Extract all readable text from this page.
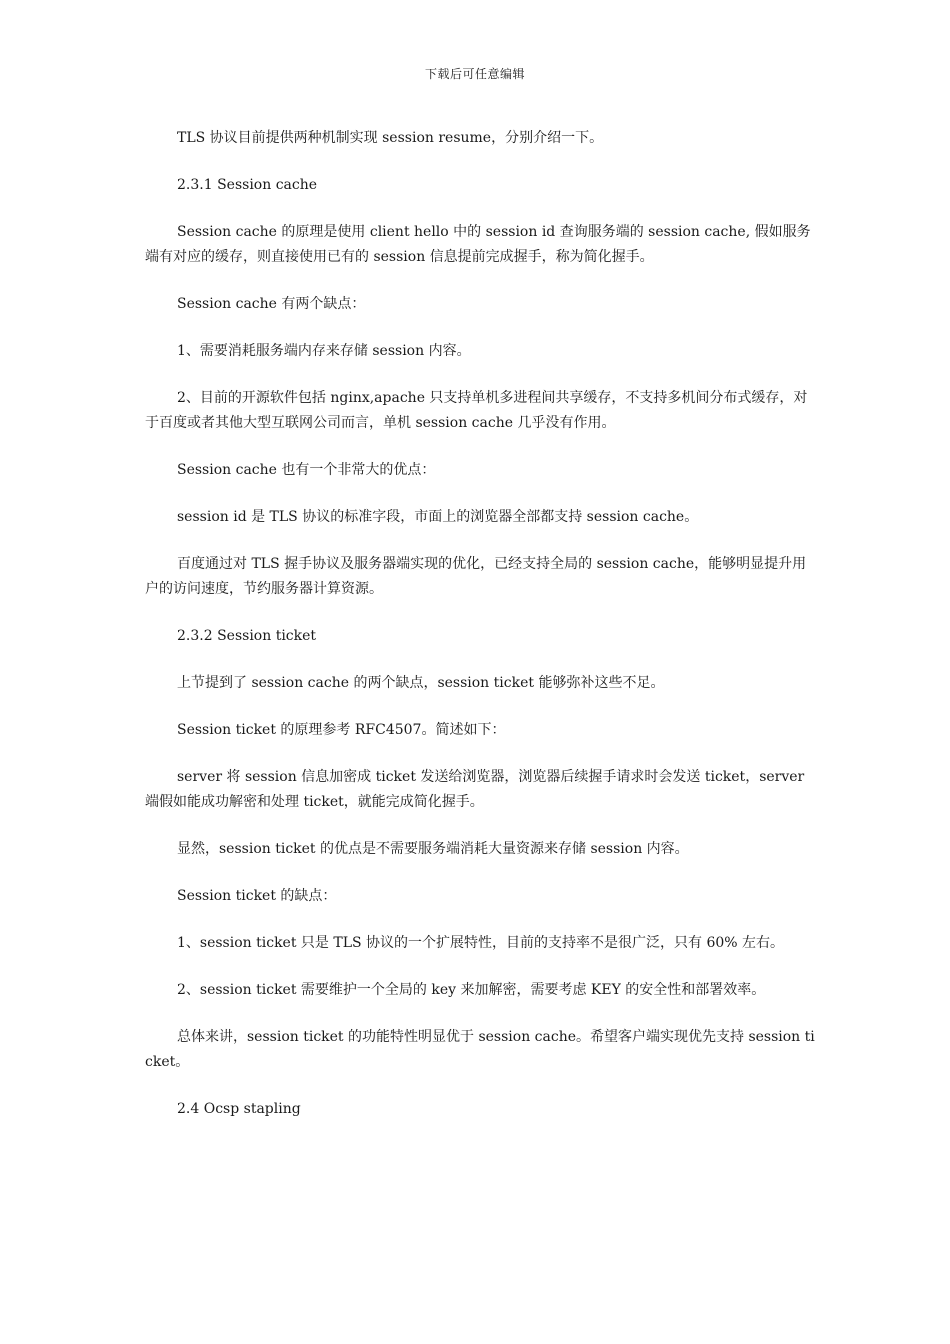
下载后可任意编辑

TLS 协议目前提供两种机制实现 session resume，分别介绍一下。

2.3.1 Session cache

Session cache 的原理是使用 client hello 中的 session id 查询服务端的 session cache, 假如服务端有对应的缓存，则直接使用已有的 session 信息提前完成握手，称为简化握手。

Session cache 有两个缺点：

1、需要消耗服务端内存来存储 session 内容。

2、目前的开源软件包括 nginx,apache 只支持单机多进程间共享缓存，不支持多机间分布式缓存，对于百度或者其他大型互联网公司而言，单机 session cache 几乎没有作用。

Session cache 也有一个非常大的优点：

session id 是 TLS 协议的标准字段，市面上的浏览器全部都支持 session cache。

百度通过对 TLS 握手协议及服务器端实现的优化，已经支持全局的 session cache，能够明显提升用户的访问速度，节约服务器计算资源。

2.3.2 Session ticket

上节提到了 session cache 的两个缺点，session ticket 能够弥补这些不足。

Session ticket 的原理参考 RFC4507。简述如下：

server 将 session 信息加密成 ticket 发送给浏览器，浏览器后续握手请求时会发送 ticket，server 端假如能成功解密和处理 ticket，就能完成简化握手。

显然，session ticket 的优点是不需要服务端消耗大量资源来存储 session 内容。

Session ticket 的缺点：

1、session ticket 只是 TLS 协议的一个扩展特性，目前的支持率不是很广泛，只有 60% 左右。

2、session ticket 需要维护一个全局的 key 来加解密，需要考虑 KEY 的安全性和部署效率。

总体来讲，session ticket 的功能特性明显优于 session cache。希望客户端实现优先支持 session ticket。

2.4 Ocsp stapling
